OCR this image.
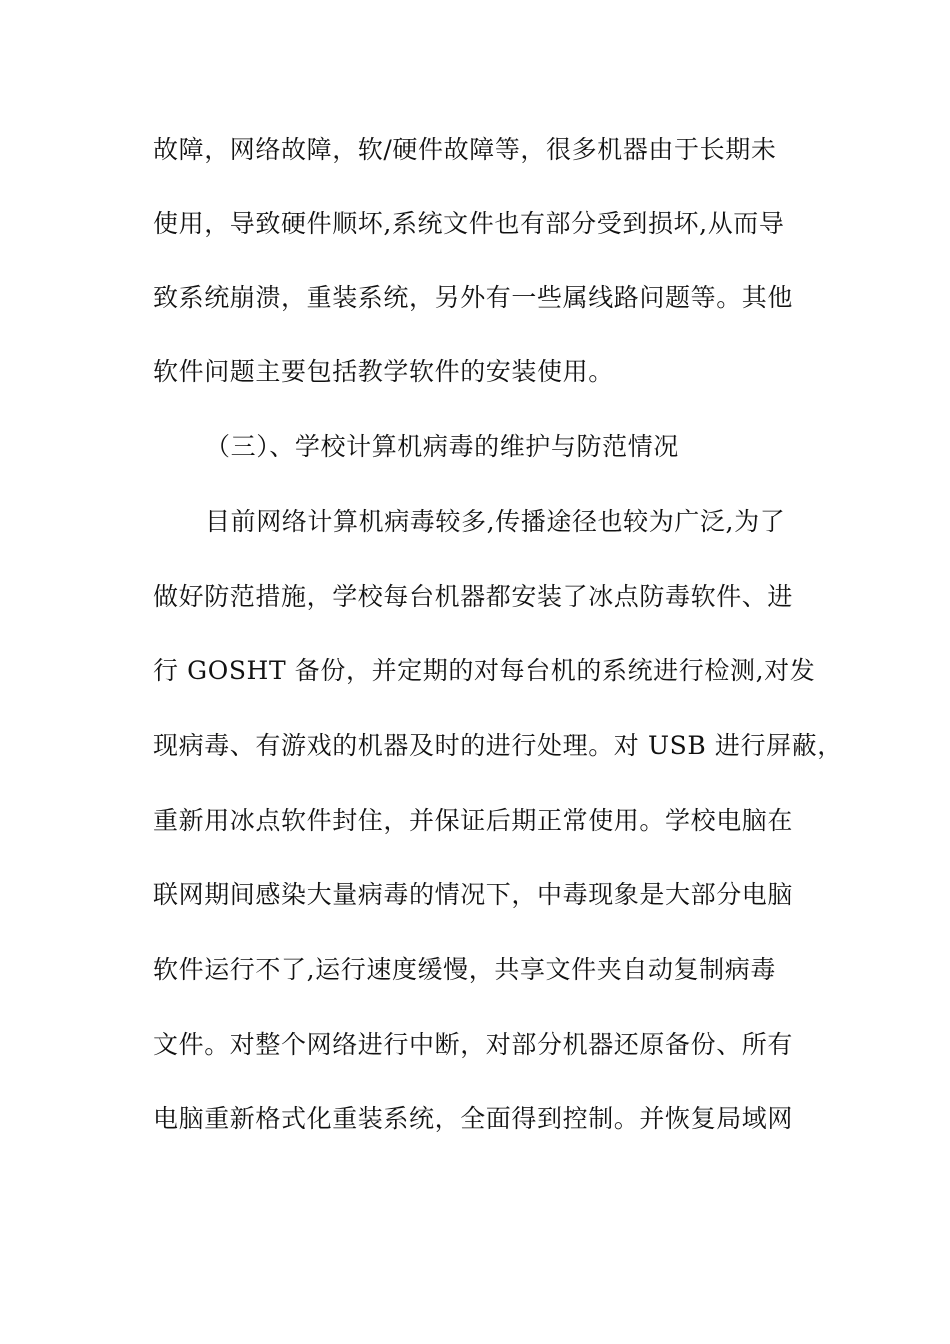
故障，网络故障，软/硬件故障等，很多机器由于长期未
使用，导致硬件顺坏,系统文件也有部分受到损坏,从而导
致系统崩溃，重装系统，另外有一些属线路问题等。其他
软件问题主要包括教学软件的安装使用。
（三）、学校计算机病毒的维护与防范情况
目前网络计算机病毒较多,传播途径也较为广泛,为了
做好防范措施，学校每台机器都安装了冰点防毒软件、进
行 GOSHT 备份，并定期的对每台机的系统进行检测,对发
现病毒、有游戏的机器及时的进行处理。对 USB 进行屏蔽，
重新用冰点软件封住，并保证后期正常使用。学校电脑在
联网期间感染大量病毒的情况下，中毒现象是大部分电脑
软件运行不了,运行速度缓慢，共享文件夹自动复制病毒
文件。对整个网络进行中断，对部分机器还原备份、所有
电脑重新格式化重装系统，全面得到控制。并恢复局域网
